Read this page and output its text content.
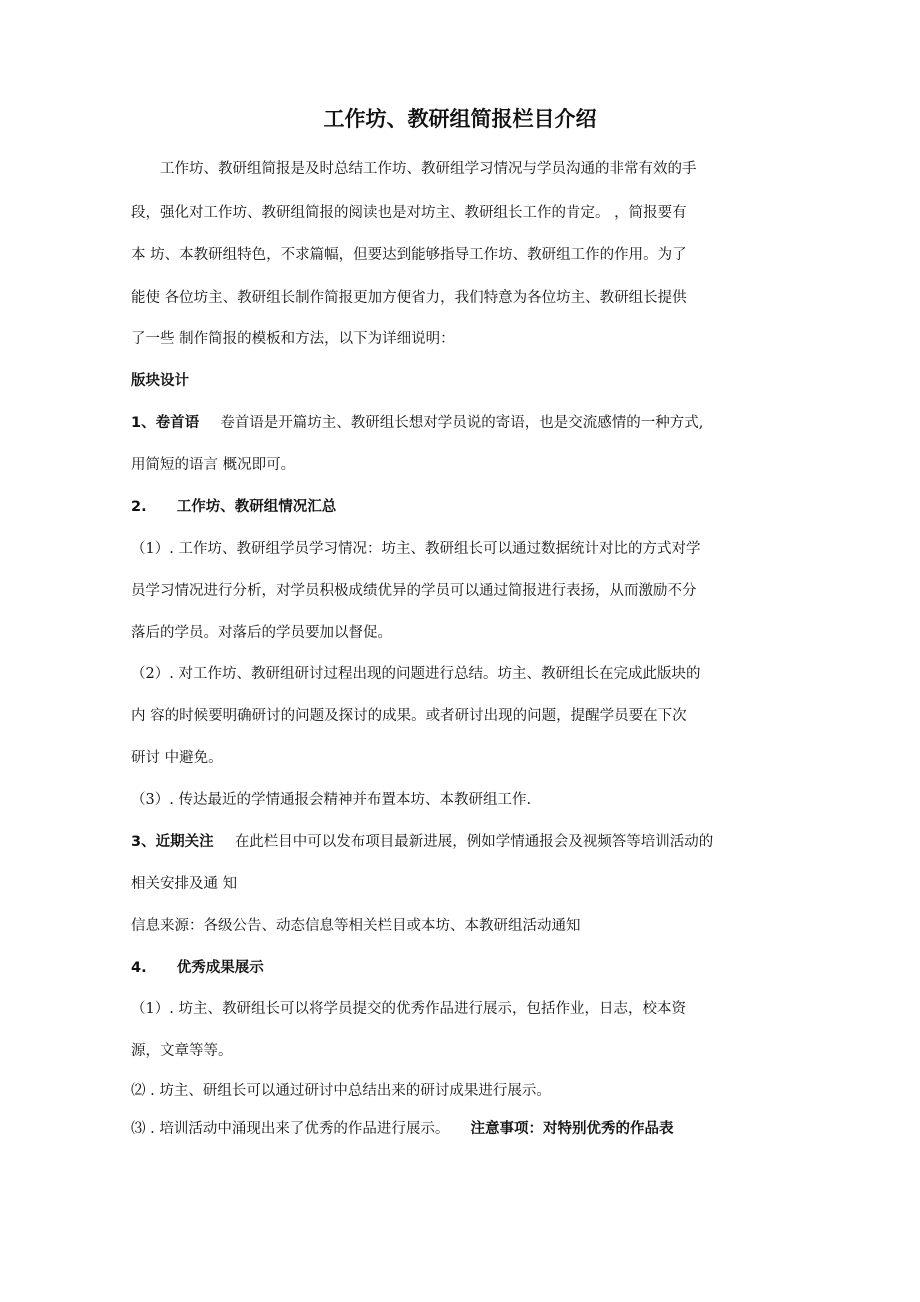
工作坊、教研组简报栏目介绍

工作坊、教研组简报是及时总结工作坊、教研组学习情况与学员沟通的非常有效的手

段，强化对工作坊、教研组简报的阅读也是对坊主、教研组长工作的肯定。 ，简报要有

本 坊、本教研组特色，不求篇幅，但要达到能够指导工作坊、教研组工作的作用。为了

能使 各位坊主、教研组长制作简报更加方便省力，我们特意为各位坊主、教研组长提供

了一些 制作简报的模板和方法，以下为详细说明：

版块设计

1、卷首语 卷首语是开篇坊主、教研组长想对学员说的寄语，也是交流感情的一种方式,

用简短的语言 概况即可。

2. 工作坊、教研组情况汇总

（1）. 工作坊、教研组学员学习情况：坊主、教研组长可以通过数据统计对比的方式对学

员学习情况进行分析，对学员积极成绩优异的学员可以通过简报进行表扬，从而激励不分

落后的学员。对落后的学员要加以督促。

（2）. 对工作坊、教研组研讨过程出现的问题进行总结。坊主、教研组长在完成此版块的

内 容的时候要明确研讨的问题及探讨的成果。或者研讨出现的问题，提醒学员要在下次

研讨 中避免。

（3）. 传达最近的学情通报会精神并布置本坊、本教研组工作.

3、近期关注 在此栏目中可以发布项目最新进展，例如学情通报会及视频答等培训活动的

相关安排及通 知

信息来源：各级公告、动态信息等相关栏目或本坊、本教研组活动通知

4. 优秀成果展示

（1）. 坊主、教研组长可以将学员提交的优秀作品进行展示，包括作业，日志，校本资

源，文章等等。

⑵ . 坊主、研组长可以通过研讨中总结出来的研讨成果进行展示。

⑶ . 培训活动中涌现出来了优秀的作品进行展示。 注意事项：对特别优秀的作品表
